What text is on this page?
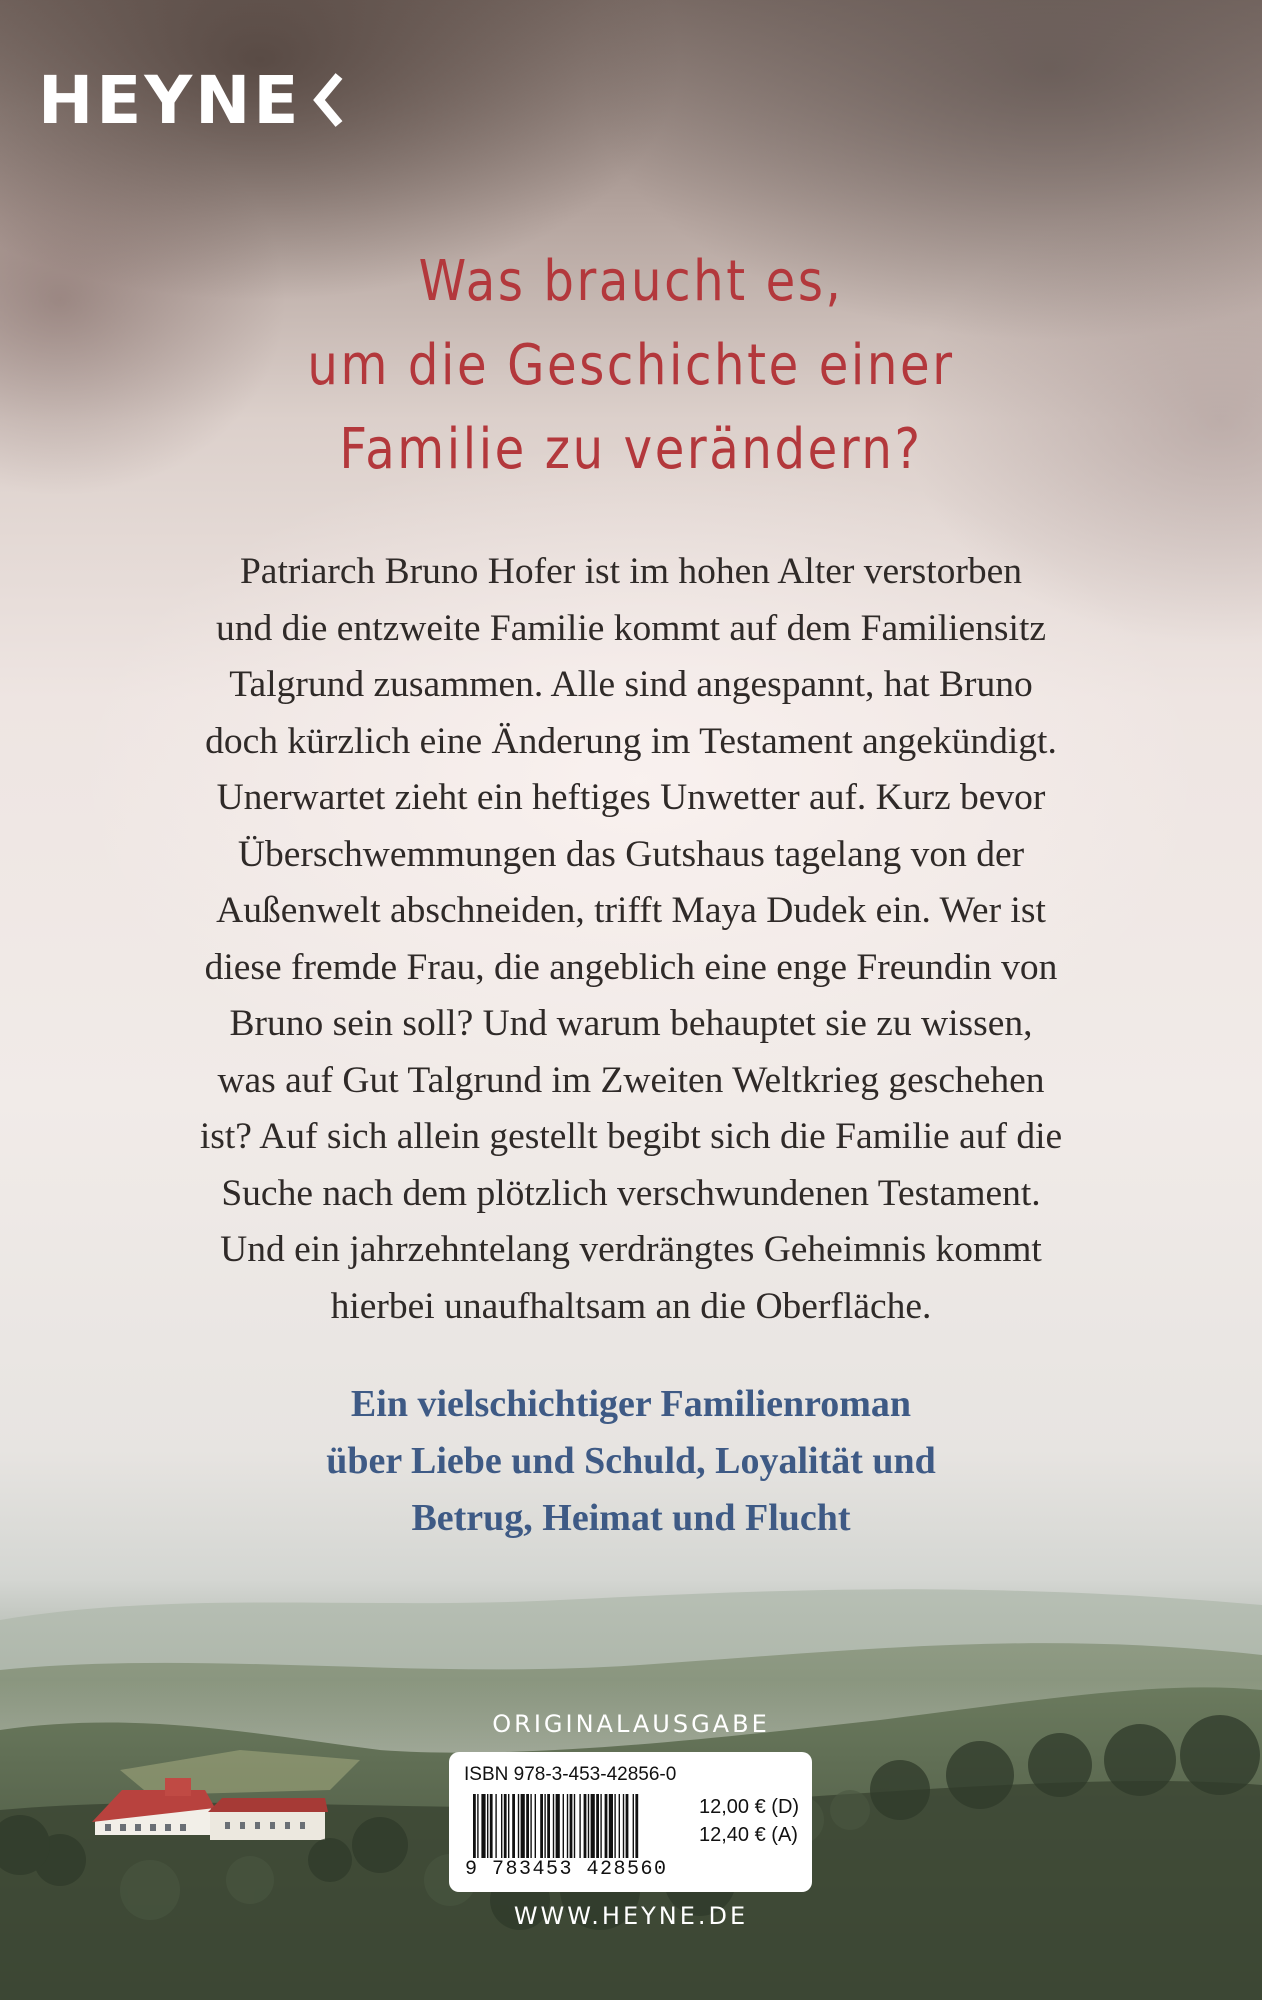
HEYNE
Was braucht es,
um die Geschichte einer
Familie zu verändern?
Patriarch Bruno Hofer ist im hohen Alter verstorben
und die entzweite Familie kommt auf dem Familiensitz
Talgrund zusammen. Alle sind angespannt, hat Bruno
doch kürzlich eine Änderung im Testament angekündigt.
Unerwartet zieht ein heftiges Unwetter auf. Kurz bevor
Überschwemmungen das Gutshaus tagelang von der
Außenwelt abschneiden, trifft Maya Dudek ein. Wer ist
diese fremde Frau, die angeblich eine enge Freundin von
Bruno sein soll? Und warum behauptet sie zu wissen,
was auf Gut Talgrund im Zweiten Weltkrieg geschehen
ist? Auf sich allein gestellt begibt sich die Familie auf die
Suche nach dem plötzlich verschwundenen Testament.
Und ein jahrzehntelang verdrängtes Geheimnis kommt
hierbei unaufhaltsam an die Oberfläche.
Ein vielschichtiger Familienroman
über Liebe und Schuld, Loyalität und
Betrug, Heimat und Flucht
ORIGINALAUSGABE
ISBN 978-3-453-42856-0
9 783453 428560
12,00 € (D)
12,40 € (A)
WWW.HEYNE.DE
